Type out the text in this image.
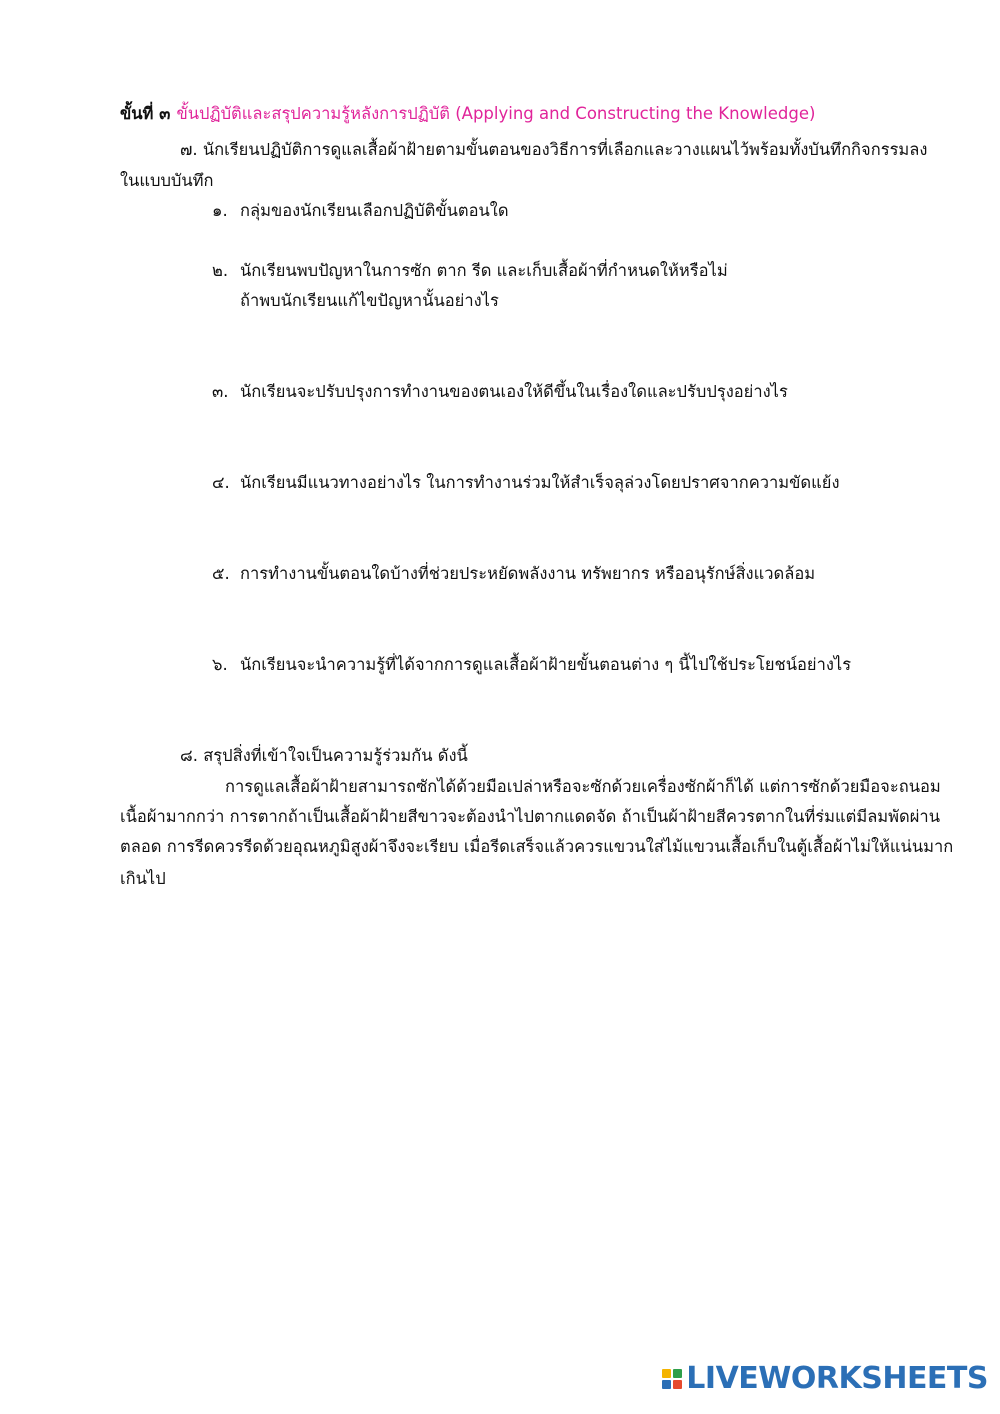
ขั้นที่ ๓ ขั้นปฏิบัติและสรุปความรู้หลังการปฏิบัติ (Applying and Constructing the Knowledge)
๗. นักเรียนปฏิบัติการดูแลเสื้อผ้าฝ้ายตามขั้นตอนของวิธีการที่เลือกและวางแผนไว้พร้อมทั้งบันทึกกิจกรรมลง
ในแบบบันทึก
๑. กลุ่มของนักเรียนเลือกปฏิบัติขั้นตอนใด
๒. นักเรียนพบปัญหาในการซัก ตาก รีด และเก็บเสื้อผ้าที่กำหนดให้หรือไม่
ถ้าพบนักเรียนแก้ไขปัญหานั้นอย่างไร
๓. นักเรียนจะปรับปรุงการทำงานของตนเองให้ดีขึ้นในเรื่องใดและปรับปรุงอย่างไร
๔. นักเรียนมีแนวทางอย่างไร ในการทำงานร่วมให้สำเร็จลุล่วงโดยปราศจากความขัดแย้ง
๕. การทำงานขั้นตอนใดบ้างที่ช่วยประหยัดพลังงาน ทรัพยากร หรืออนุรักษ์สิ่งแวดล้อม
๖. นักเรียนจะนำความรู้ที่ได้จากการดูแลเสื้อผ้าฝ้ายขั้นตอนต่าง ๆ นี้ไปใช้ประโยชน์อย่างไร
๘. สรุปสิ่งที่เข้าใจเป็นความรู้ร่วมกัน ดังนี้
การดูแลเสื้อผ้าฝ้ายสามารถซักได้ด้วยมือเปล่าหรือจะซักด้วยเครื่องซักผ้าก็ได้ แต่การซักด้วยมือจะถนอม
เนื้อผ้ามากกว่า การตากถ้าเป็นเสื้อผ้าฝ้ายสีขาวจะต้องนำไปตากแดดจัด ถ้าเป็นผ้าฝ้ายสีควรตากในที่ร่มแต่มีลมพัดผ่าน
ตลอด การรีดควรรีดด้วยอุณหภูมิสูงผ้าจึงจะเรียบ เมื่อรีดเสร็จแล้วควรแขวนใส่ไม้แขวนเสื้อเก็บในตู้เสื้อผ้าไม่ให้แน่นมาก
เกินไป
LIVEWORKSHEETS
